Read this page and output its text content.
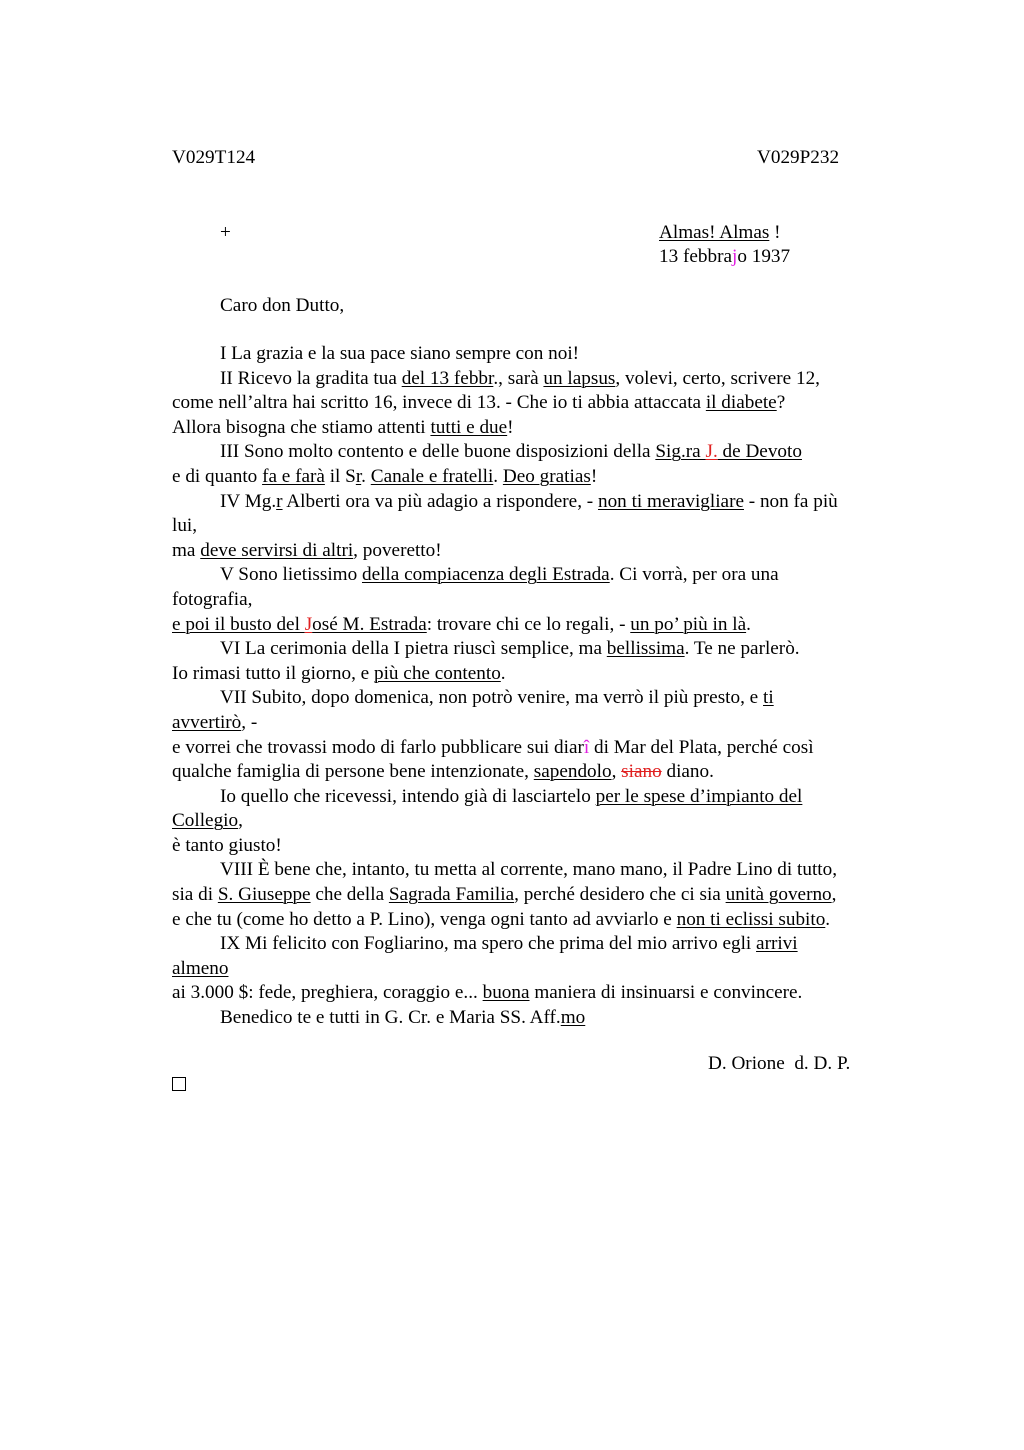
V029T124	V029P232
+	Almas! Almas !
13 febbrajo 1937
Caro don Dutto,
I La grazia e la sua pace siano sempre con noi!
II Ricevo la gradita tua del 13 febbr., sarà un lapsus, volevi, certo, scrivere 12,
come nell’altra hai scritto 16, invece di 13. - Che io ti abbia attaccata il diabete?
Allora bisogna che stiamo attenti tutti e due!
III Sono molto contento e delle buone disposizioni della Sig.ra J. de Devoto
e di quanto fa e farà il Sr. Canale e fratelli. Deo gratias!
IV Mg.r Alberti ora va più adagio a rispondere, - non ti meravigliare - non fa più
lui,
ma deve servirsi di altri, poveretto!
V Sono lietissimo della compiacenza degli Estrada. Ci vorrà, per ora una
fotografia,
e poi il busto del José M. Estrada: trovare chi ce lo regali, - un po’ più in là.
VI La cerimonia della I pietra riuscì semplice, ma bellissima. Te ne parlerò.
Io rimasi tutto il giorno, e più che contento.
VII Subito, dopo domenica, non potrò venire, ma verrò il più presto, e ti
avvertirò, -
e vorrei che trovassi modo di farlo pubblicare sui diarî di Mar del Plata, perché così
qualche famiglia di persone bene intenzionate, sapendolo, siano diano.
Io quello che ricevessi, intendo già di lasciartelo per le spese d’impianto del
Collegio,
è tanto giusto!
VIII È bene che, intanto, tu metta al corrente, mano mano, il Padre Lino di tutto,
sia di S. Giuseppe che della Sagrada Familia, perché desidero che ci sia unità governo,
e che tu (come ho detto a P. Lino), venga ogni tanto ad avviarlo e non ti eclissi subito.
IX Mi felicito con Fogliarino, ma spero che prima del mio arrivo egli arrivi
almeno
ai 3.000 $: fede, preghiera, coraggio e... buona maniera di insinuarsi e convincere.
Benedico te e tutti in G. Cr. e Maria SS. Aff.mo
D. Orione  d. D. P.
